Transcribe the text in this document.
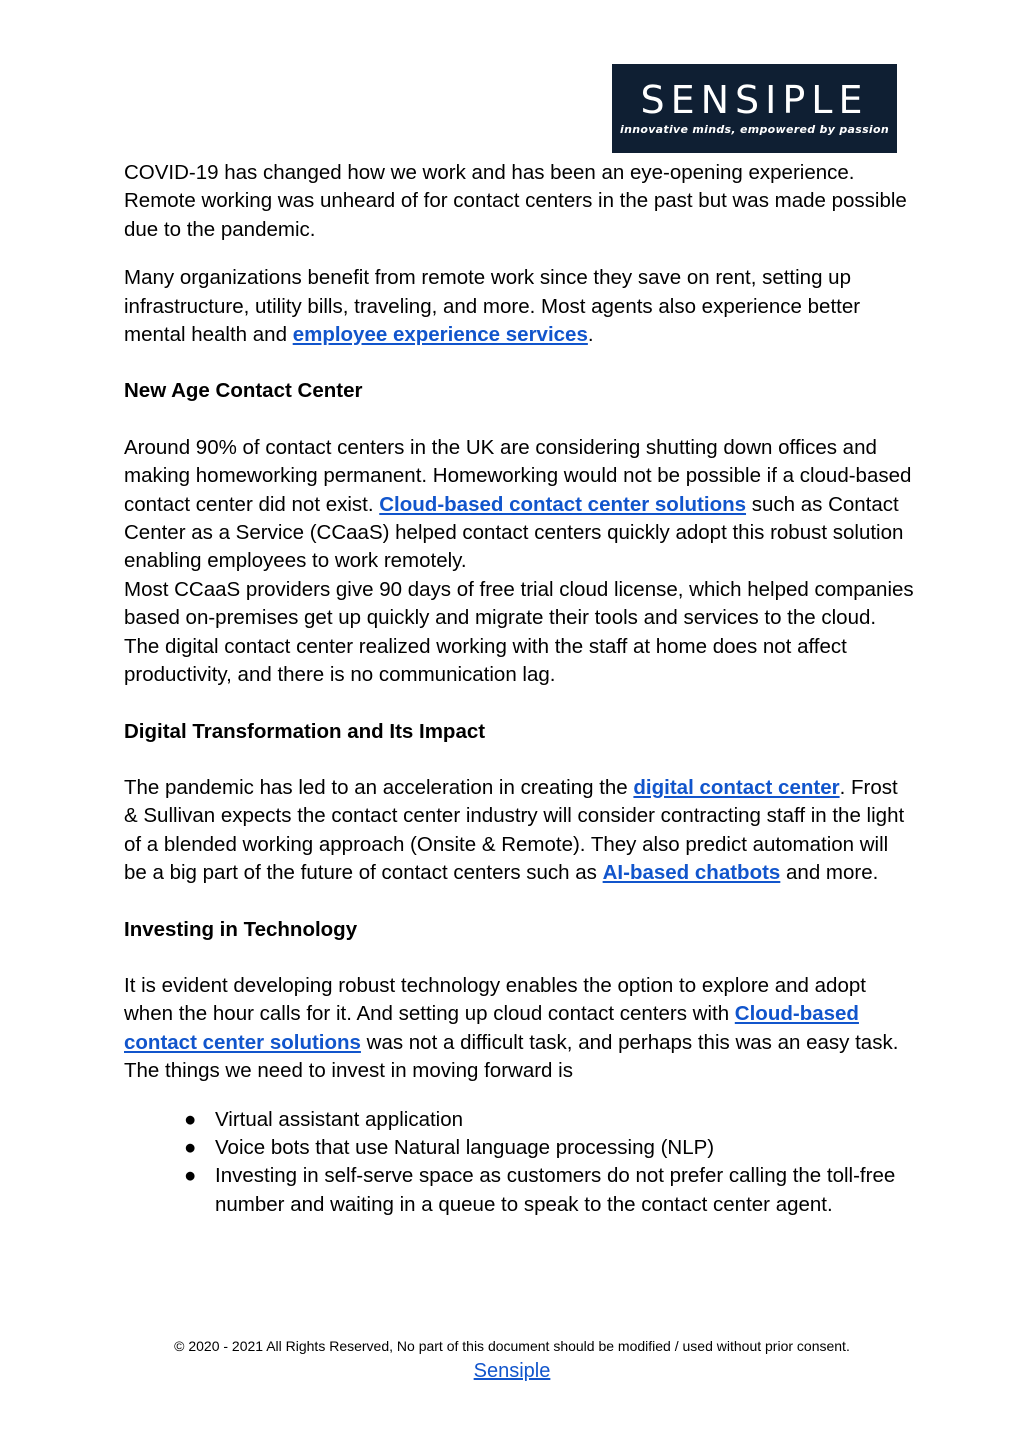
SENSIPLE
innovative minds, empowered by passion

COVID-19 has changed how we work and has been an eye-opening experience. Remote working was unheard of for contact centers in the past but was made possible due to the pandemic.

Many organizations benefit from remote work since they save on rent, setting up infrastructure, utility bills, traveling, and more. Most agents also experience better mental health and employee experience services.

New Age Contact Center

Around 90% of contact centers in the UK are considering shutting down offices and making homeworking permanent. Homeworking would not be possible if a cloud-based contact center did not exist. Cloud-based contact center solutions such as Contact Center as a Service (CCaaS) helped contact centers quickly adopt this robust solution enabling employees to work remotely.

Most CCaaS providers give 90 days of free trial cloud license, which helped companies based on-premises get up quickly and migrate their tools and services to the cloud. The digital contact center realized working with the staff at home does not affect productivity, and there is no communication lag.

Digital Transformation and Its Impact

The pandemic has led to an acceleration in creating the digital contact center. Frost & Sullivan expects the contact center industry will consider contracting staff in the light of a blended working approach (Onsite & Remote). They also predict automation will be a big part of the future of contact centers such as AI-based chatbots and more.

Investing in Technology

It is evident developing robust technology enables the option to explore and adopt when the hour calls for it. And setting up cloud contact centers with Cloud-based contact center solutions was not a difficult task, and perhaps this was an easy task.

The things we need to invest in moving forward is

● Virtual assistant application
● Voice bots that use Natural language processing (NLP)
● Investing in self-serve space as customers do not prefer calling the toll-free number and waiting in a queue to speak to the contact center agent.
© 2020 - 2021 All Rights Reserved, No part of this document should be modified / used without prior consent.
Sensiple
